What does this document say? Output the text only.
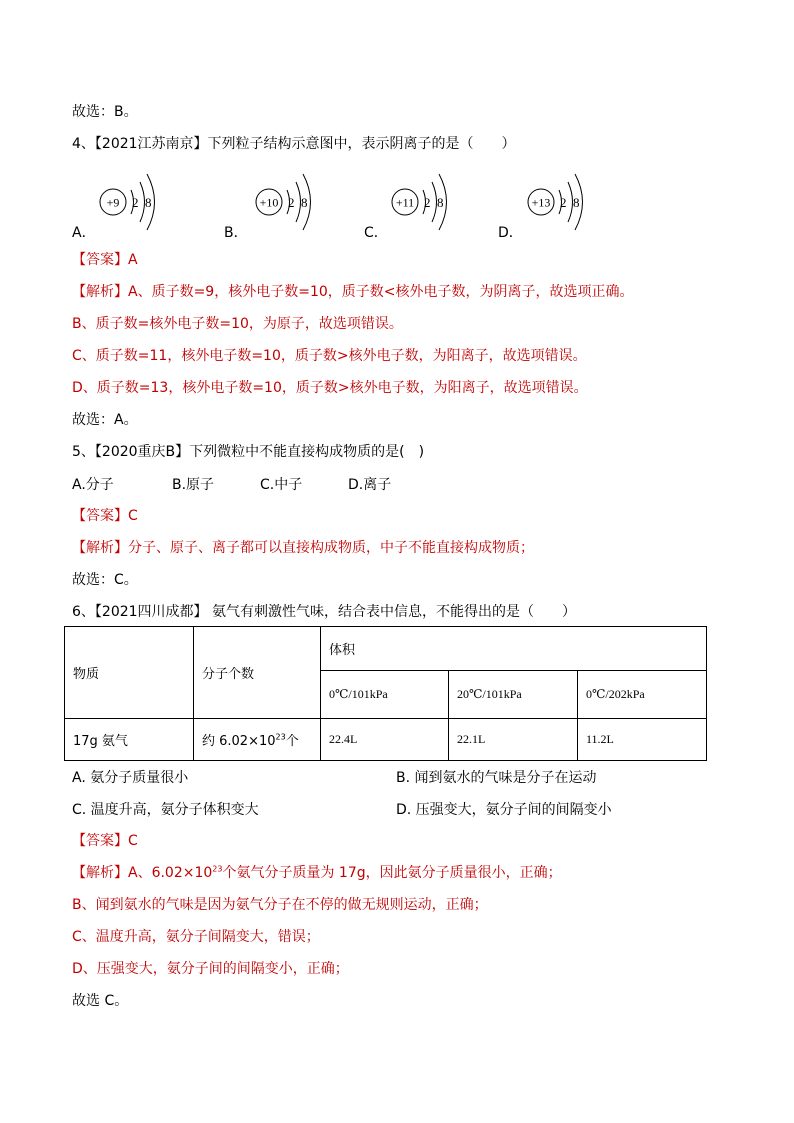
故选：B。
4、【2021江苏南京】下列粒子结构示意图中，表示阴离子的是（　　）
+9 2 8	+10 2 8	+11 2 8	+13 2 8
A．	B．	C．	D．
【答案】A
【解析】A、质子数=9，核外电子数=10，质子数<核外电子数，为阴离子，故选项正确。
B、质子数=核外电子数=10，为原子，故选项错误。
C、质子数=11，核外电子数=10，质子数>核外电子数，为阳离子，故选项错误。
D、质子数=13，核外电子数=10，质子数>核外电子数，为阳离子，故选项错误。
故选：A。
5、【2020重庆B】下列微粒中不能直接构成物质的是(　)
A.分子	B.原子	C.中子	D.离子
【答案】C
【解析】分子、原子、离子都可以直接构成物质，中子不能直接构成物质；
故选：C。
6、【2021四川成都】 氨气有刺激性气味，结合表中信息，不能得出的是（　　）
物质	分子个数	体积		
		0℃/101kPa	20℃/101kPa	0℃/202kPa
17g 氨气	约 $6.02\times 10^{23}$个	22.4L	22.1L	11.2L
A. 氨分子质量很小	B. 闻到氨水的气味是分子在运动
C. 温度升高，氨分子体积变大	D. 压强变大，氨分子间的间隔变小
【答案】C
【解析】A、$6.02\times 10^{23}$个氨气分子质量为 17g，因此氨分子质量很小，正确；
B、闻到氨水的气味是因为氨气分子在不停的做无规则运动，正确；
C、温度升高，氨分子间隔变大，错误；
D、压强变大，氨分子间的间隔变小，正确；
故选 C。
